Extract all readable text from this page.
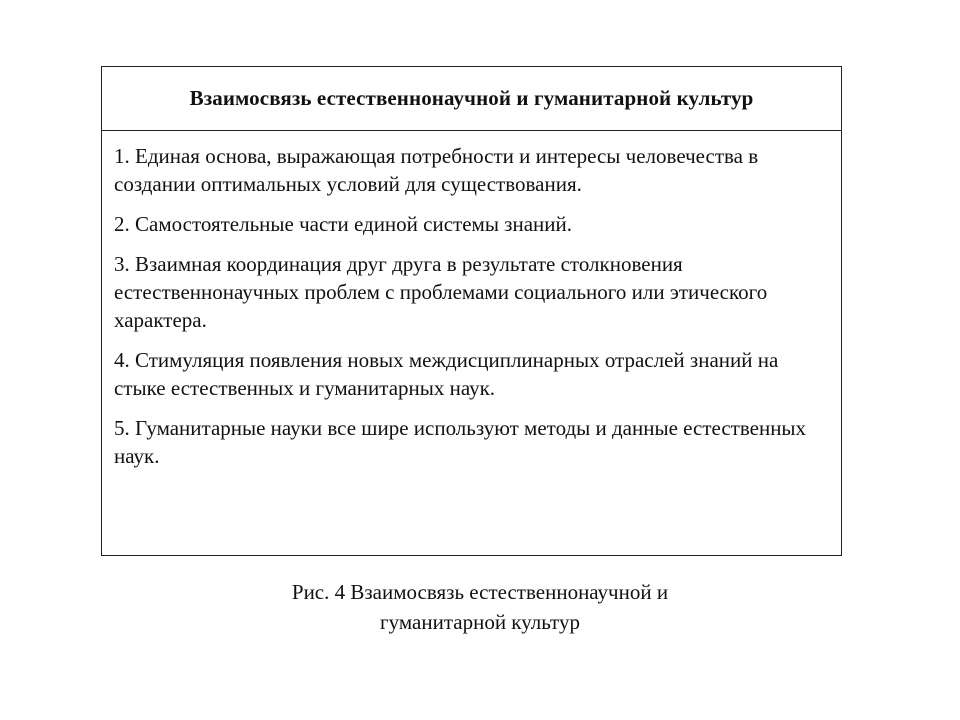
Взаимосвязь естественнонаучной и гуманитарной культур

1. Единая основа, выражающая потребности и интересы человечества в создании оптимальных условий для существования.

2. Самостоятельные части единой системы знаний.

3. Взаимная координация друг друга в результате столкновения естественнонаучных проблем с проблемами социального или этического характера.

4. Стимуляция появления новых междисциплинарных отраслей знаний на стыке естественных и гуманитарных наук.

5. Гуманитарные науки все шире используют методы и данные естественных наук.

Рис. 4 Взаимосвязь естественнонаучной и
гуманитарной культур
